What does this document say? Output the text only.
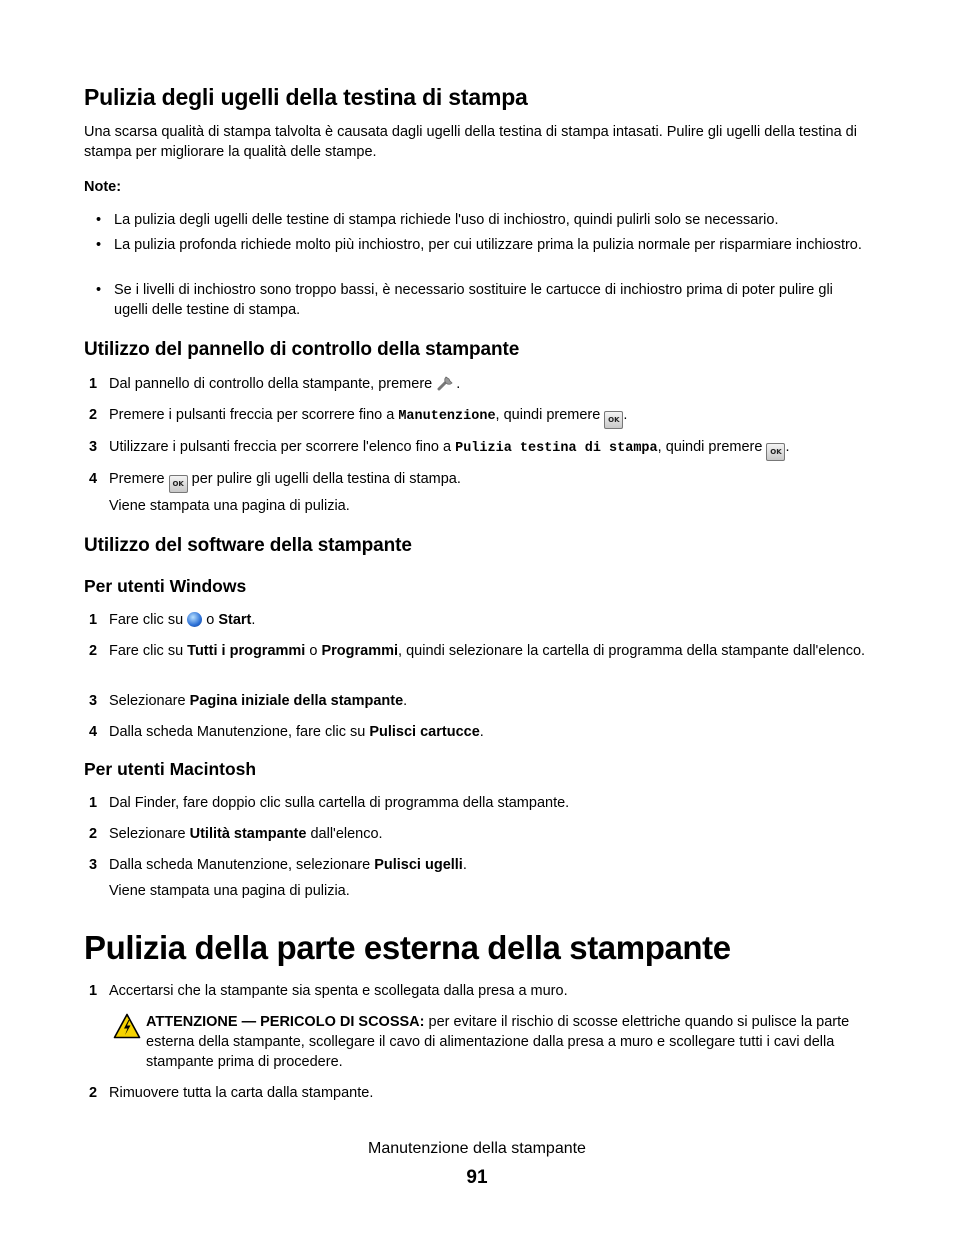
Pulizia degli ugelli della testina di stampa
Una scarsa qualità di stampa talvolta è causata dagli ugelli della testina di stampa intasati. Pulire gli ugelli della testina di stampa per migliorare la qualità delle stampe.
Note:
• La pulizia degli ugelli delle testine di stampa richiede l'uso di inchiostro, quindi pulirli solo se necessario.
• La pulizia profonda richiede molto più inchiostro, per cui utilizzare prima la pulizia normale per risparmiare inchiostro.
• Se i livelli di inchiostro sono troppo bassi, è necessario sostituire le cartucce di inchiostro prima di poter pulire gli ugelli delle testine di stampa.
Utilizzo del pannello di controllo della stampante
1 Dal pannello di controllo della stampante, premere .
2 Premere i pulsanti freccia per scorrere fino a Manutenzione, quindi premere OK .
3 Utilizzare i pulsanti freccia per scorrere l'elenco fino a Pulizia testina di stampa, quindi premere OK .
4 Premere OK per pulire gli ugelli della testina di stampa.
Viene stampata una pagina di pulizia.
Utilizzo del software della stampante
Per utenti Windows
1 Fare clic su o Start.
2 Fare clic su Tutti i programmi o Programmi, quindi selezionare la cartella di programma della stampante dall'elenco.
3 Selezionare Pagina iniziale della stampante.
4 Dalla scheda Manutenzione, fare clic su Pulisci cartucce.
Per utenti Macintosh
1 Dal Finder, fare doppio clic sulla cartella di programma della stampante.
2 Selezionare Utilità stampante dall'elenco.
3 Dalla scheda Manutenzione, selezionare Pulisci ugelli.
Viene stampata una pagina di pulizia.
Pulizia della parte esterna della stampante
1 Accertarsi che la stampante sia spenta e scollegata dalla presa a muro.
ATTENZIONE — PERICOLO DI SCOSSA: per evitare il rischio di scosse elettriche quando si pulisce la parte esterna della stampante, scollegare il cavo di alimentazione dalla presa a muro e scollegare tutti i cavi della stampante prima di procedere.
2 Rimuovere tutta la carta dalla stampante.
Manutenzione della stampante
91
